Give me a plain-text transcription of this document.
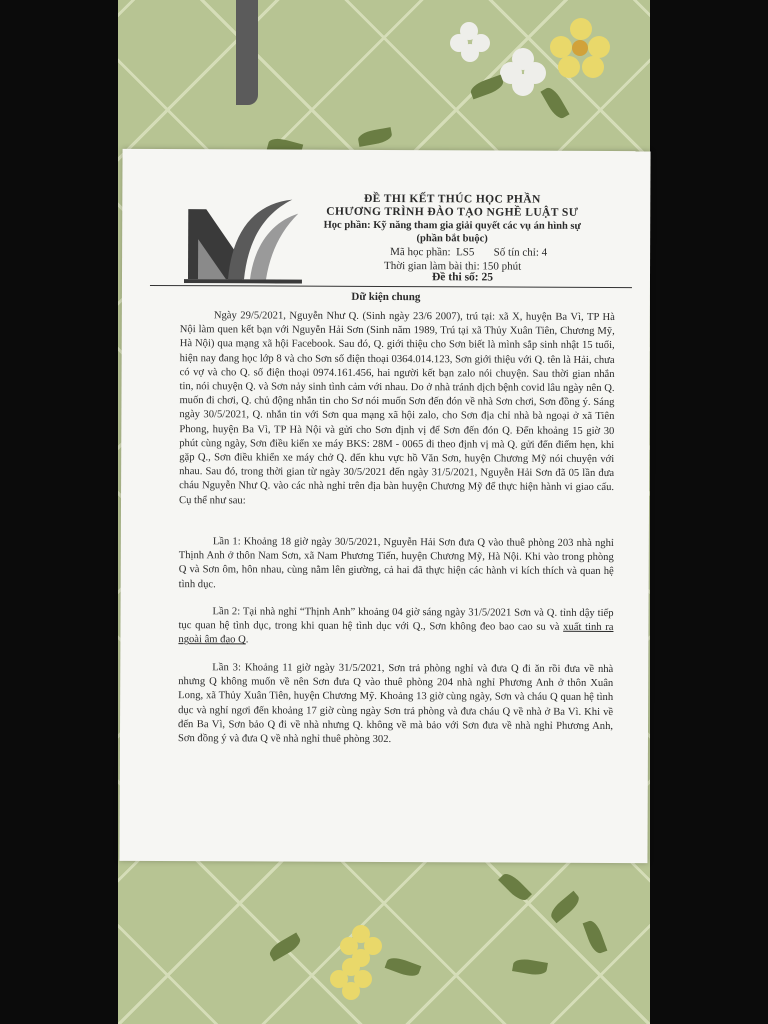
ĐỀ THI KẾT THÚC HỌC PHẦN
CHƯƠNG TRÌNH ĐÀO TẠO NGHỀ LUẬT SƯ
Học phần: Kỹ năng tham gia giải quyết các vụ án hình sự
(phần bắt buộc)
Mã học phần:  LS5       Số tín chỉ: 4
Thời gian làm bài thi: 150 phút
Đề thi số: 25
Dữ kiện chung
Ngày 29/5/2021, Nguyễn Như Q. (Sinh ngày 23/6 2007), trú tại: xã X, huyện Ba Vì, TP Hà Nội làm quen kết bạn với Nguyễn Hải Sơn (Sinh năm 1989, Trú tại xã Thủy Xuân Tiên, Chương Mỹ, Hà Nội) qua mạng xã hội Facebook. Sau đó, Q. giới thiệu cho Sơn biết là mình sắp sinh nhật 15 tuổi, hiện nay đang học lớp 8 và cho Sơn số điện thoại 0364.014.123, Sơn giới thiệu với Q. tên là Hải, chưa có vợ và cho Q. số điện thoại 0974.161.456, hai người kết bạn zalo nói chuyện. Sau thời gian nhắn tin, nói chuyện Q. và Sơn nảy sinh tình cảm với nhau. Do ở nhà tránh dịch bệnh covid lâu ngày nên Q. muốn đi chơi, Q. chủ động nhắn tin cho Sơ nói muốn Sơn đến đón về nhà Sơn chơi, Sơn đồng ý. Sáng ngày 30/5/2021, Q. nhắn tin với Sơn qua mạng xã hội zalo, cho Sơn địa chỉ nhà bà ngoại ở xã Tiên Phong, huyện Ba Vì, TP Hà Nội và gửi cho Sơn định vị để Sơn đến đón Q. Đến khoảng 15 giờ 30 phút cùng ngày, Sơn điều kiển xe máy BKS: 28M - 0065 đi theo định vị mà Q. gửi đến điểm hẹn, khi gặp Q., Sơn điều khiển xe máy chở Q. đến khu vực hồ Văn Sơn, huyện Chương Mỹ nói chuyện với nhau. Sau đó, trong thời gian từ ngày 30/5/2021 đến ngày 31/5/2021, Nguyễn Hải Sơn đã 05 lần đưa cháu Nguyễn Như Q. vào các nhà nghỉ trên địa bàn huyện Chương Mỹ để thực hiện hành vi giao cấu. Cụ thể như sau:
Lần 1: Khoảng 18 giờ ngày 30/5/2021, Nguyễn Hải Sơn đưa Q vào thuê phòng 203 nhà nghỉ Thịnh Anh ở thôn Nam Sơn, xã Nam Phương Tiến, huyện Chương Mỹ, Hà Nội. Khi vào trong phòng Q và Sơn ôm, hôn nhau, cùng nằm lên giường, cả hai đã thực hiện các hành vi kích thích và quan hệ tình dục.
Lần 2: Tại nhà nghỉ “Thịnh Anh” khoảng 04 giờ sáng ngày 31/5/2021 Sơn và Q. tỉnh dậy tiếp tục quan hệ tình dục, trong khi quan hệ tình dục với Q., Sơn không đeo bao cao su và xuất tinh ra ngoài âm đạo Q.
Lần 3: Khoảng 11 giờ ngày 31/5/2021, Sơn trả phòng nghỉ và đưa Q đi ăn rồi đưa về nhà nhưng Q không muốn về nên Sơn đưa Q vào thuê phòng 204 nhà nghỉ Phương Anh ở thôn Xuân Long, xã Thủy Xuân Tiên, huyện Chương Mỹ. Khoảng 13 giờ cùng ngày, Sơn và cháu Q quan hệ tình dục và nghỉ ngơi đến khoảng 17 giờ cùng ngày Sơn trả phòng và đưa cháu Q về nhà ở Ba Vì. Khi về đến Ba Vì, Sơn bảo Q đi về nhà nhưng Q. không về mà bảo với Sơn đưa về nhà nghỉ Phương Anh, Sơn đồng ý và đưa Q về nhà nghỉ thuê phòng 302.
